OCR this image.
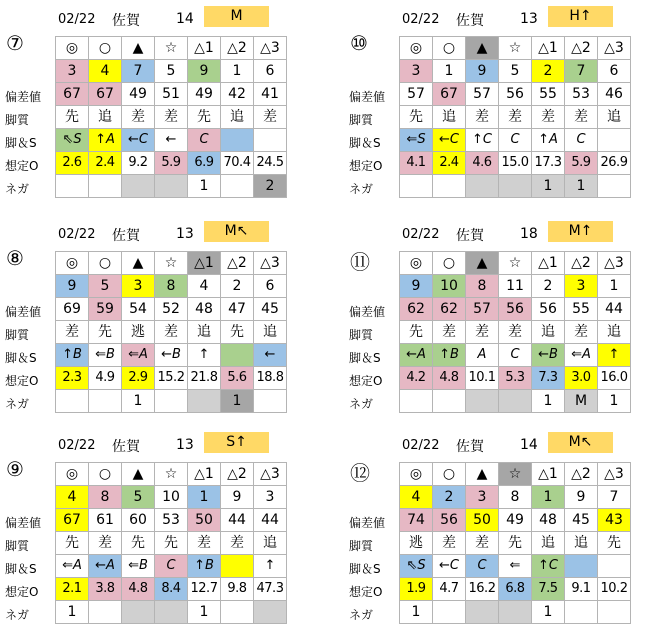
02/22 佐賀	14	M
⑦
偏差値
脚質
脚＆S
想定O
ネガ
◎	○	▲	☆	△1	△2	△3
3	4	7	5	9	1	6
67	67	49	51	49	42	41
先	追	差	差	先	追	差
⇖S	↑A	←C	←	C		
2.6	2.4	9.2	5.9	6.9	70.4	24.5
				1		2
02/22 佐賀	13	H↑
⑩
偏差値
脚質
脚＆S
想定O
ネガ
◎	○	▲	☆	△1	△2	△3
3	1	9	5	2	7	6
57	67	57	56	55	53	46
先	追	差	差	差	差	追
⇐S	←C	↑C	C	↑A	C	
4.1	2.4	4.6	15.0	17.3	5.9	26.9
				1	1	
02/22 佐賀	13	M↖
⑧
偏差値
脚質
脚＆S
想定O
ネガ
◎	○	▲	☆	△1	△2	△3
9	5	3	8	4	2	6
69	59	54	52	48	47	45
差	先	逃	差	追	先	追
↑B	⇐B	⇐A	←B	↑		←
2.3	4.9	2.9	15.2	21.8	5.6	18.8
		1			1	
02/22 佐賀	18	M↑
⑪
偏差値
脚質
脚＆S
想定O
ネガ
◎	○	▲	☆	△1	△2	△3
9	10	8	11	2	3	1
62	62	57	56	56	55	44
先	差	差	差	追	差	追
←A	↑B	A	C	←B	⇐A	↑
4.2	4.8	10.1	5.3	7.3	3.0	16.0
				1	M	1
02/22 佐賀	13	S↑
⑨
偏差値
脚質
脚＆S
想定O
ネガ
◎	○	▲	☆	△1	△2	△3
4	8	5	10	1	9	3
67	61	60	53	50	44	44
先	差	先	先	差	差	追
⇐A	←A	⇐B	C	↑B		↑
2.1	3.8	4.8	8.4	12.7	9.8	47.3
1				1		
02/22 佐賀	14	M↖
⑫
偏差値
脚質
脚＆S
想定O
ネガ
◎	○	▲	☆	△1	△2	△3
4	2	3	8	1	9	7
74	56	50	49	48	45	43
逃	差	差	先	追	追	先
⇖S	←C	C	⇐	↑C		
1.9	4.7	16.2	6.8	7.5	9.1	10.2
1				1		
